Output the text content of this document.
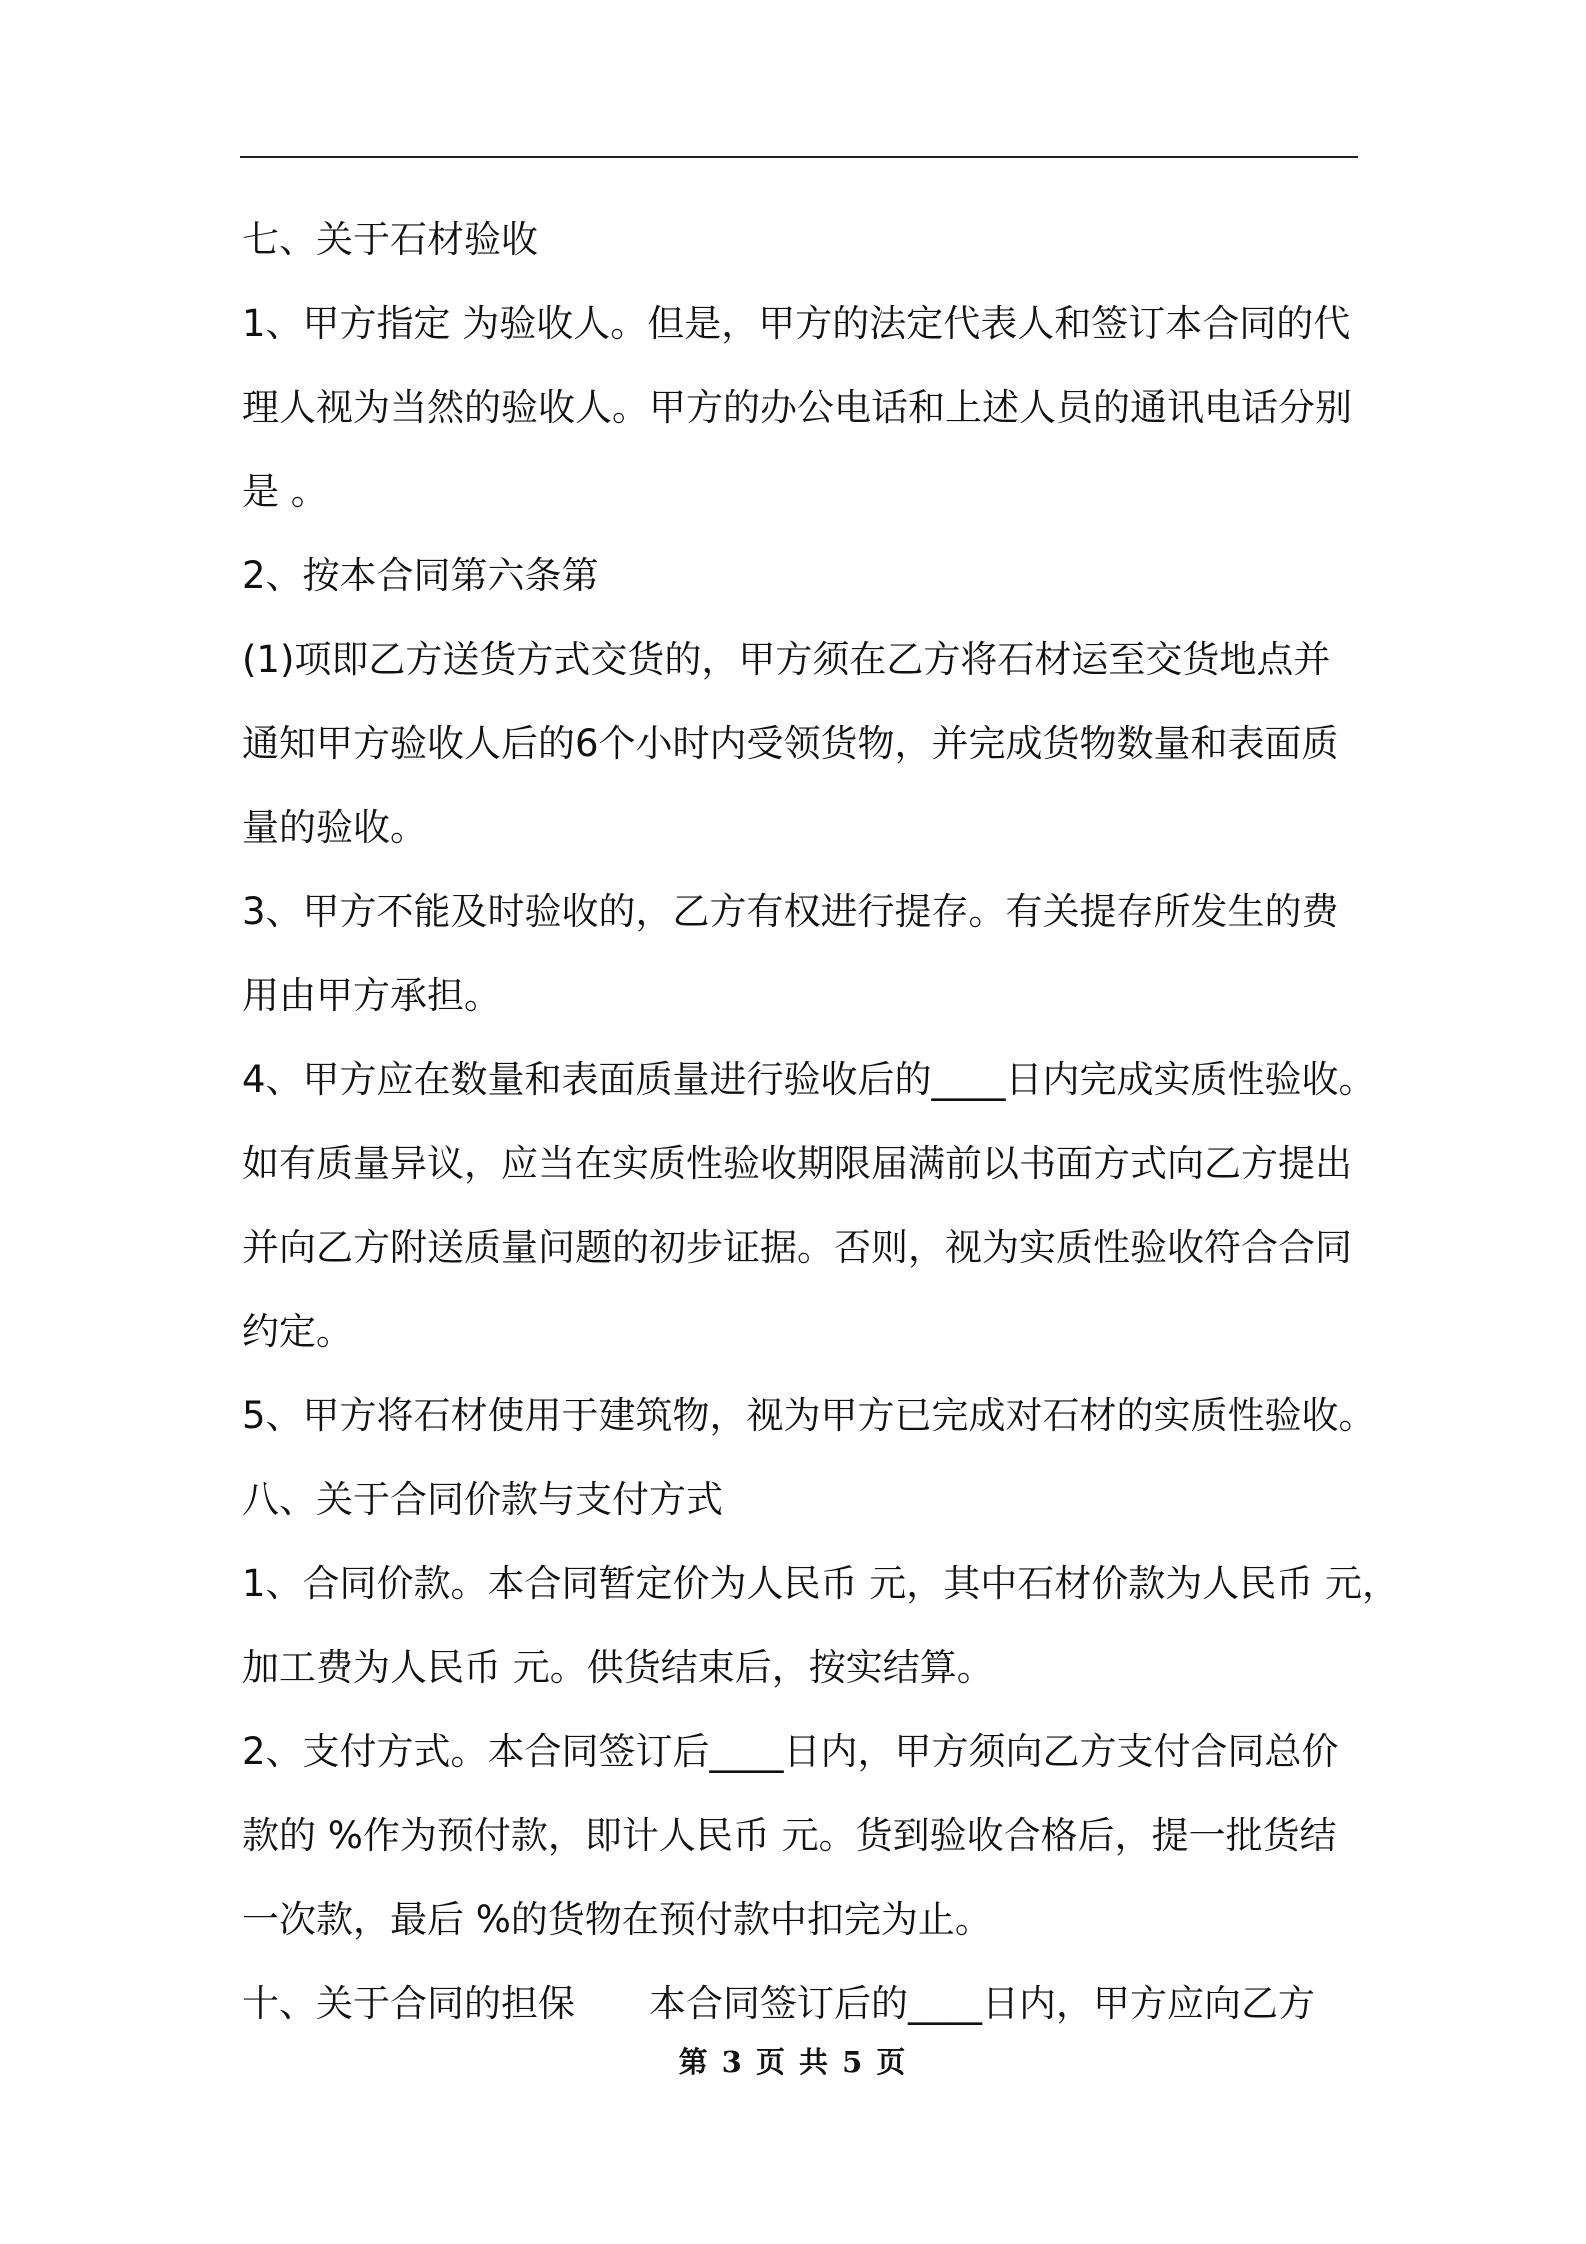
七、关于石材验收
1、甲方指定 为验收人。但是，甲方的法定代表人和签订本合同的代
理人视为当然的验收人。甲方的办公电话和上述人员的通讯电话分别
是 。
2、按本合同第六条第
(1)项即乙方送货方式交货的，甲方须在乙方将石材运至交货地点并
通知甲方验收人后的6个小时内受领货物，并完成货物数量和表面质
量的验收。
3、甲方不能及时验收的，乙方有权进行提存。有关提存所发生的费
用由甲方承担。
4、甲方应在数量和表面质量进行验收后的____日内完成实质性验收。
如有质量异议，应当在实质性验收期限届满前以书面方式向乙方提出
并向乙方附送质量问题的初步证据。否则，视为实质性验收符合合同
约定。
5、甲方将石材使用于建筑物，视为甲方已完成对石材的实质性验收。
八、关于合同价款与支付方式
1、合同价款。本合同暂定价为人民币 元，其中石材价款为人民币 元，
加工费为人民币 元。供货结束后，按实结算。
2、支付方式。本合同签订后____日内，甲方须向乙方支付合同总价
款的 %作为预付款，即计人民币 元。货到验收合格后，提一批货结
一次款，最后 %的货物在预付款中扣完为止。
十、关于合同的担保　　本合同签订后的____日内，甲方应向乙方
第 3 页 共 5 页
